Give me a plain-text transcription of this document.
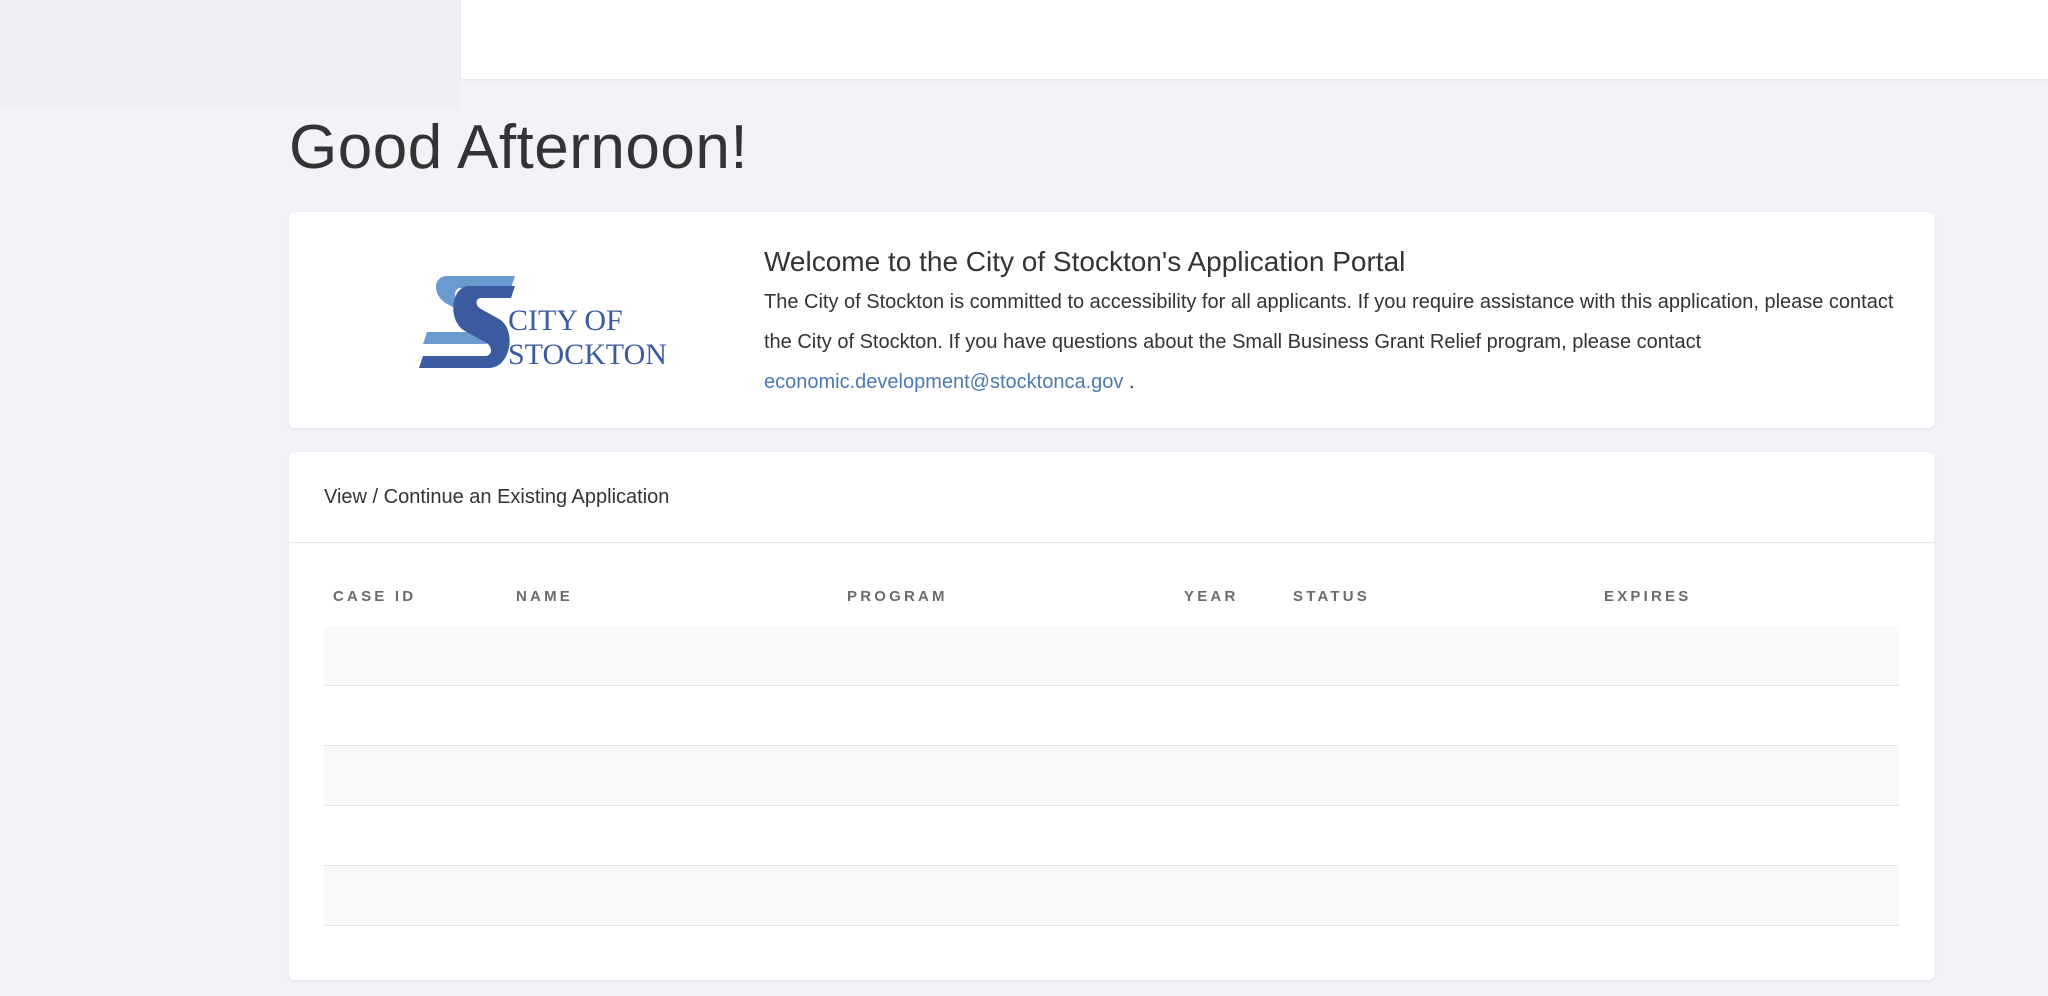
Good Afternoon!
CITY OF
STOCKTON
Welcome to the City of Stockton's Application Portal

The City of Stockton is committed to accessibility for all applicants. If you require assistance with this application, please contact the City of Stockton. If you have questions about the Small Business Grant Relief program, please contact economic.development@stocktonca.gov .

View / Continue an Existing Application
CASE ID	NAME	PROGRAM	YEAR	STATUS	EXPIRES
